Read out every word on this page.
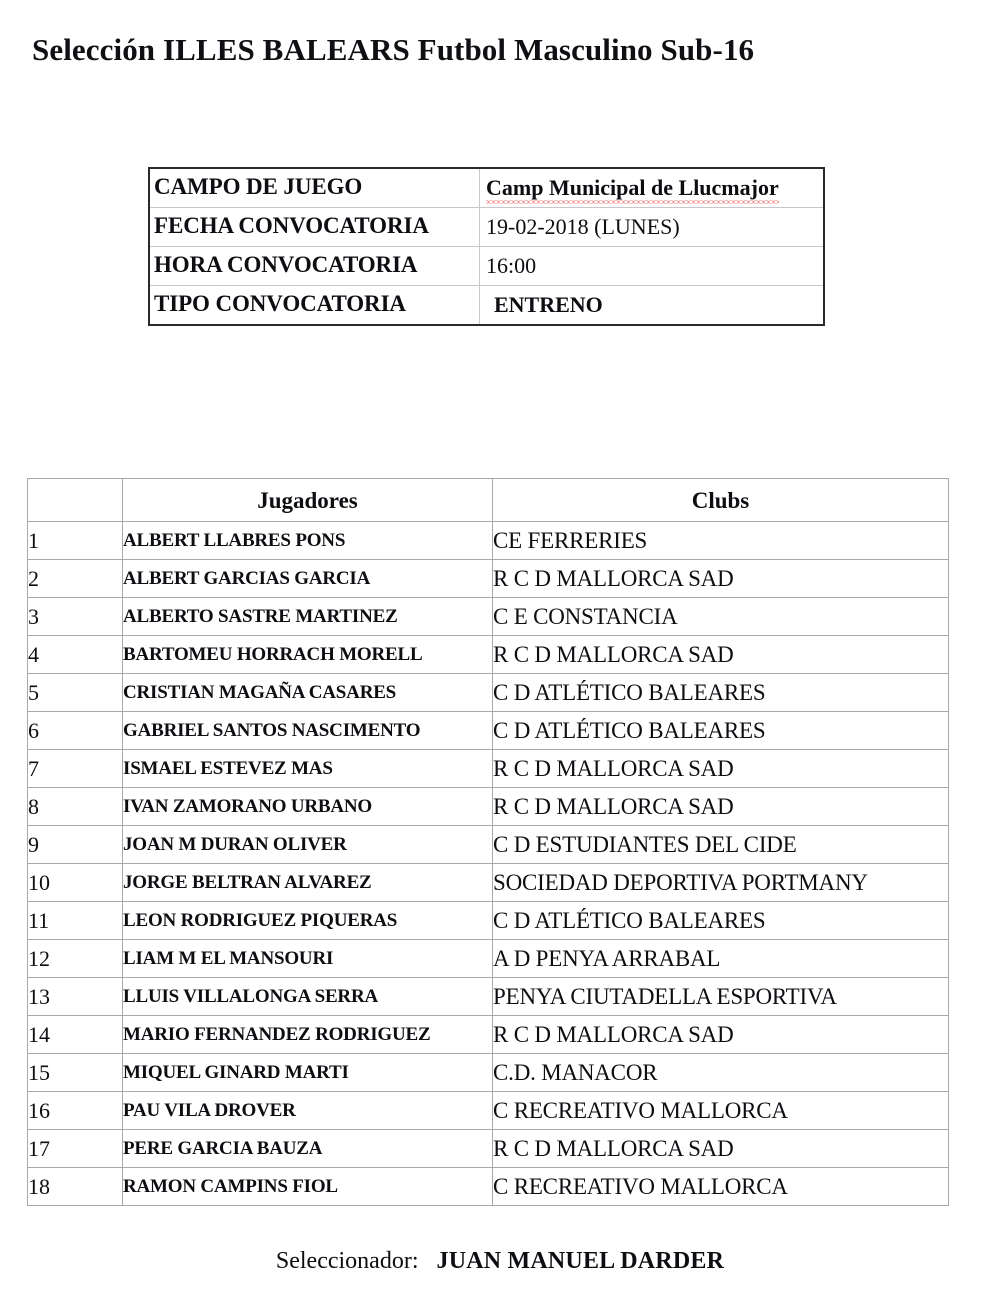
Selección ILLES BALEARS Futbol Masculino Sub-16
CAMPO DE JUEGO	Camp Municipal de Llucmajor
FECHA CONVOCATORIA	19-02-2018 (LUNES)
HORA CONVOCATORIA	16:00
TIPO CONVOCATORIA	ENTRENO
	Jugadores	Clubs
1	ALBERT LLABRES PONS	CE FERRERIES
2	ALBERT GARCIAS GARCIA	R C D MALLORCA SAD
3	ALBERTO SASTRE MARTINEZ	C E CONSTANCIA
4	BARTOMEU HORRACH MORELL	R C D MALLORCA SAD
5	CRISTIAN MAGAÑA CASARES	C D ATLÉTICO BALEARES
6	GABRIEL SANTOS NASCIMENTO	C D ATLÉTICO BALEARES
7	ISMAEL ESTEVEZ MAS	R C D MALLORCA SAD
8	IVAN ZAMORANO URBANO	R C D MALLORCA SAD
9	JOAN M DURAN OLIVER	C D ESTUDIANTES DEL CIDE
10	JORGE BELTRAN ALVAREZ	SOCIEDAD DEPORTIVA PORTMANY
11	LEON RODRIGUEZ PIQUERAS	C D ATLÉTICO BALEARES
12	LIAM M EL MANSOURI	A D PENYA ARRABAL
13	LLUIS VILLALONGA SERRA	PENYA CIUTADELLA ESPORTIVA
14	MARIO FERNANDEZ RODRIGUEZ	R C D MALLORCA SAD
15	MIQUEL GINARD MARTI	C.D. MANACOR
16	PAU VILA DROVER	C RECREATIVO MALLORCA
17	PERE GARCIA BAUZA	R C D MALLORCA SAD
18	RAMON CAMPINS FIOL	C RECREATIVO MALLORCA
Seleccionador: JUAN MANUEL DARDER
